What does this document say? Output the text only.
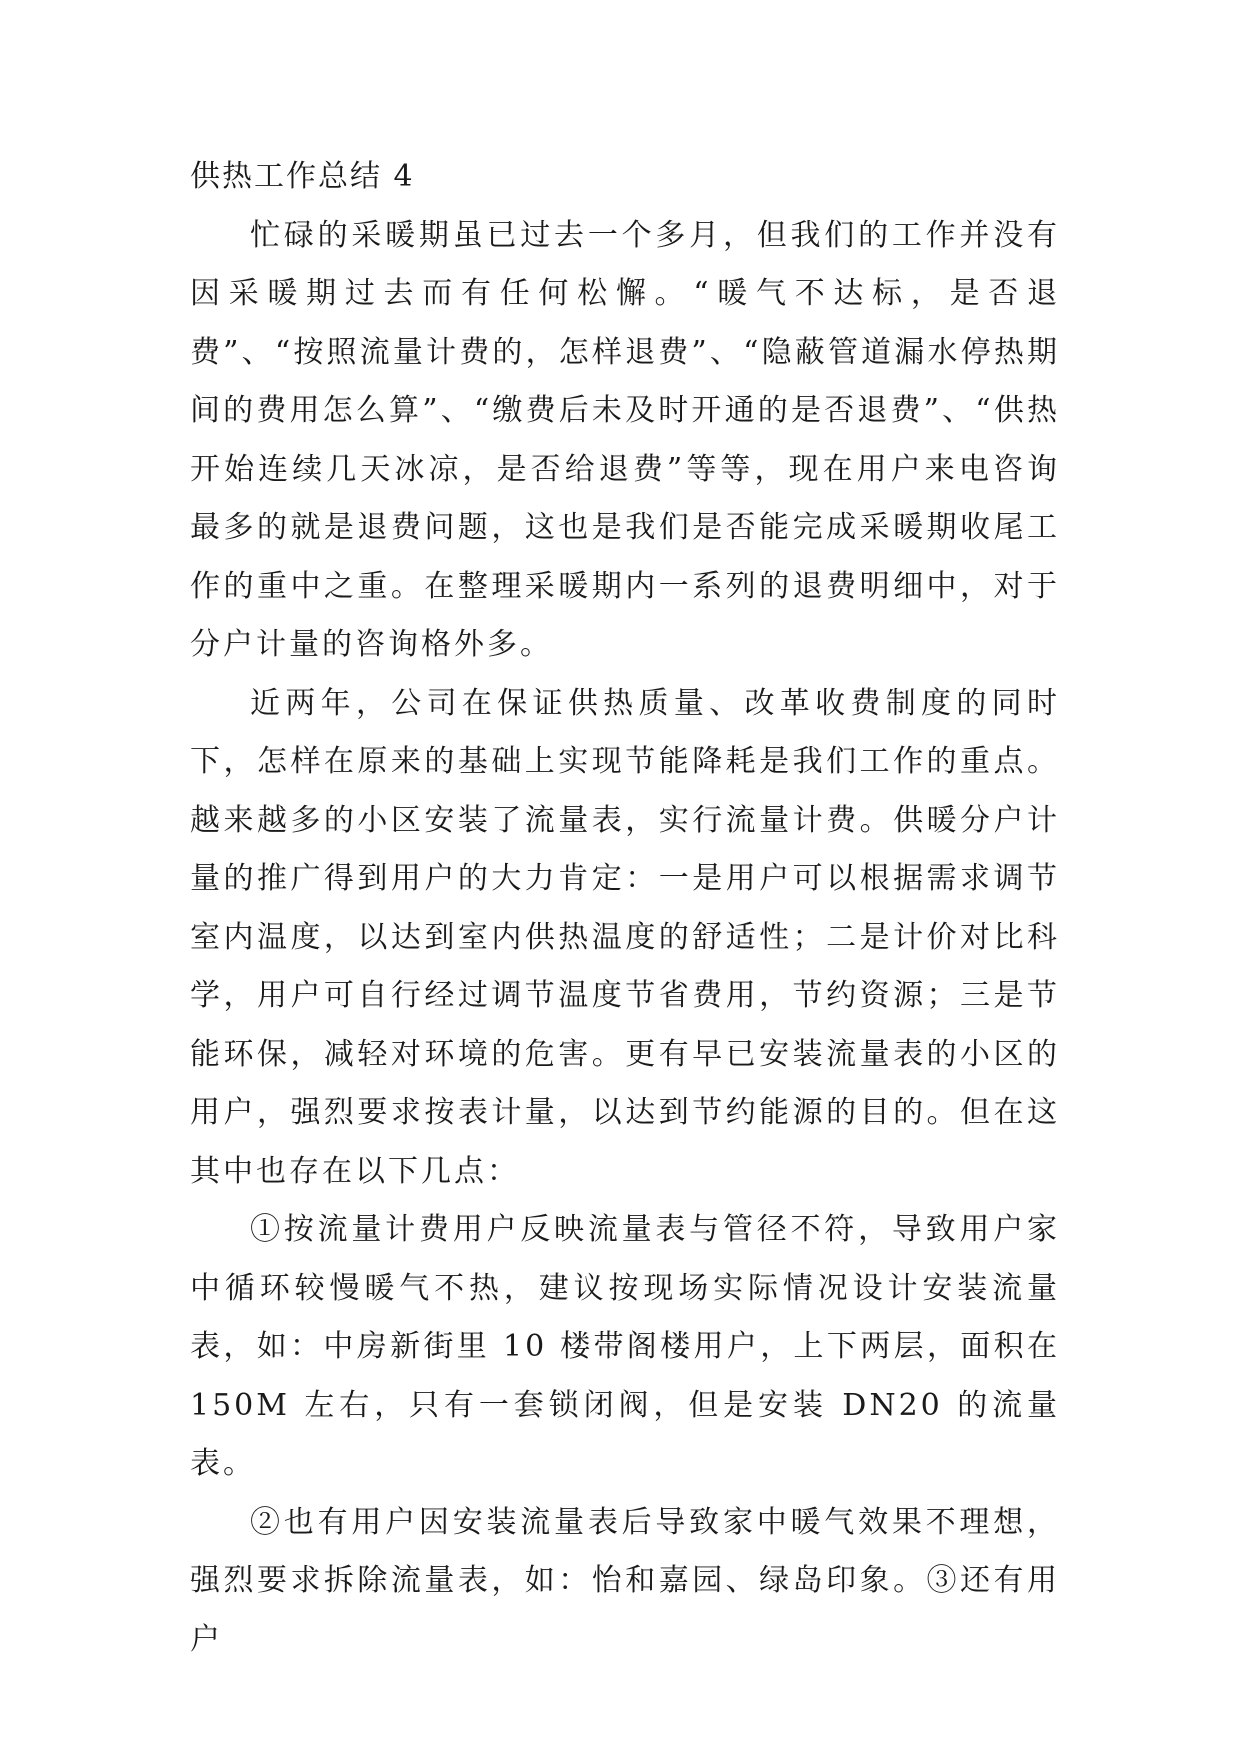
供热工作总结 4

忙碌的采暖期虽已过去一个多月，但我们的工作并没有因采暖期过去而有任何松懈。“暖气不达标，是否退费”、“按照流量计费的，怎样退费”、“隐蔽管道漏水停热期间的费用怎么算”、“缴费后未及时开通的是否退费”、“供热开始连续几天冰凉，是否给退费”等等，现在用户来电咨询最多的就是退费问题，这也是我们是否能完成采暖期收尾工作的重中之重。在整理采暖期内一系列的退费明细中，对于分户计量的咨询格外多。

近两年，公司在保证供热质量、改革收费制度的同时下，怎样在原来的基础上实现节能降耗是我们工作的重点。越来越多的小区安装了流量表，实行流量计费。供暖分户计量的推广得到用户的大力肯定：一是用户可以根据需求调节室内温度，以达到室内供热温度的舒适性；二是计价对比科学，用户可自行经过调节温度节省费用，节约资源；三是节能环保，减轻对环境的危害。更有早已安装流量表的小区的用户，强烈要求按表计量，以达到节约能源的目的。但在这其中也存在以下几点：

①按流量计费用户反映流量表与管径不符，导致用户家中循环较慢暖气不热，建议按现场实际情况设计安装流量表，如：中房新街里 10 楼带阁楼用户，上下两层，面积在 150M 左右，只有一套锁闭阀，但是安装 DN20 的流量表。

②也有用户因安装流量表后导致家中暖气效果不理想，强烈要求拆除流量表，如：怡和嘉园、绿岛印象。③还有用户
